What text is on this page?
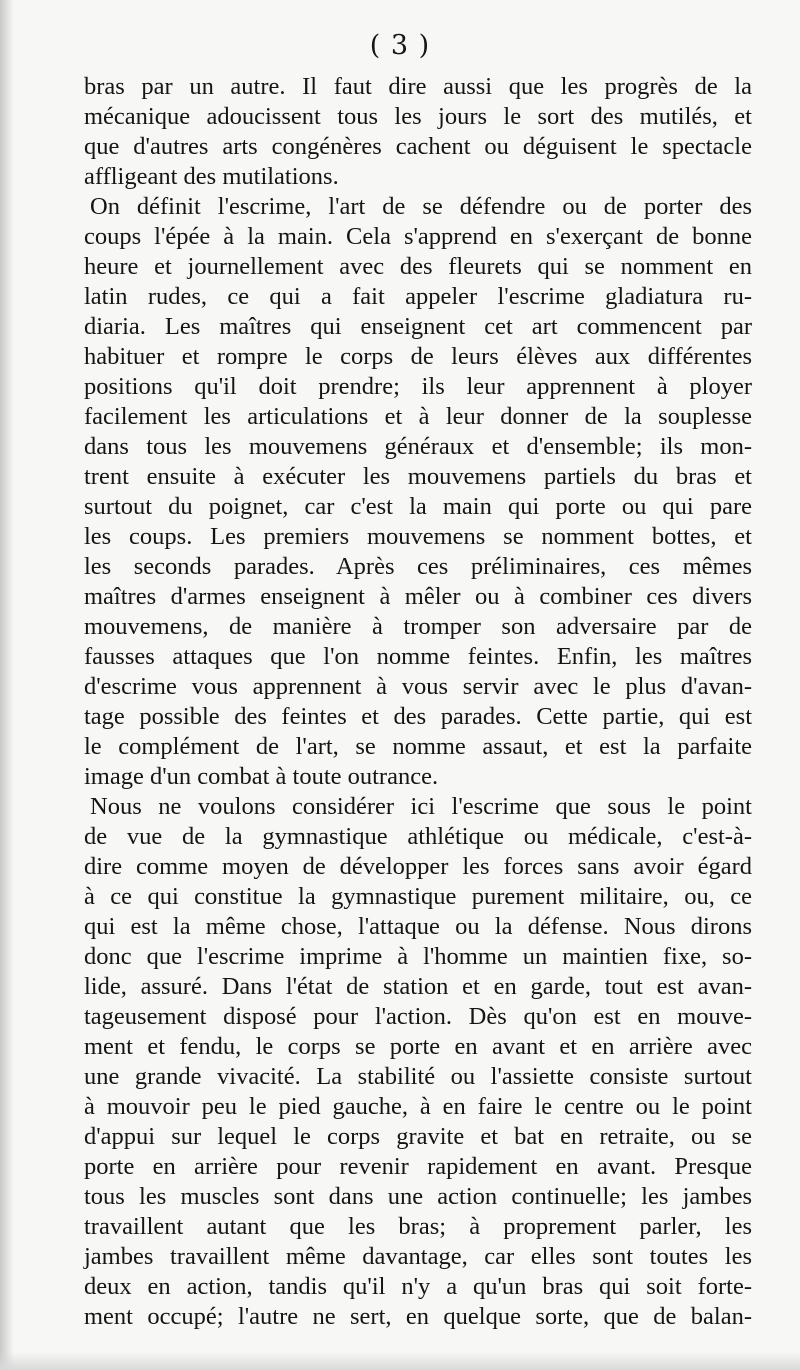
( 3 )
bras par un autre. Il faut dire aussi que les progrès de la
mécanique adoucissent tous les jours le sort des mutilés, et
que d'autres arts congénères cachent ou déguisent le spectacle
affligeant des mutilations.
On définit l'escrime, l'art de se défendre ou de porter des
coups l'épée à la main. Cela s'apprend en s'exerçant de bonne
heure et journellement avec des fleurets qui se nomment en
latin rudes, ce qui a fait appeler l'escrime gladiatura ru-
diaria. Les maîtres qui enseignent cet art commencent par
habituer et rompre le corps de leurs élèves aux différentes
positions qu'il doit prendre; ils leur apprennent à ployer
facilement les articulations et à leur donner de la souplesse
dans tous les mouvemens généraux et d'ensemble; ils mon-
trent ensuite à exécuter les mouvemens partiels du bras et
surtout du poignet, car c'est la main qui porte ou qui pare
les coups. Les premiers mouvemens se nomment bottes, et
les seconds parades. Après ces préliminaires, ces mêmes
maîtres d'armes enseignent à mêler ou à combiner ces divers
mouvemens, de manière à tromper son adversaire par de
fausses attaques que l'on nomme feintes. Enfin, les maîtres
d'escrime vous apprennent à vous servir avec le plus d'avan-
tage possible des feintes et des parades. Cette partie, qui est
le complément de l'art, se nomme assaut, et est la parfaite
image d'un combat à toute outrance.
Nous ne voulons considérer ici l'escrime que sous le point
de vue de la gymnastique athlétique ou médicale, c'est-à-
dire comme moyen de développer les forces sans avoir égard
à ce qui constitue la gymnastique purement militaire, ou, ce
qui est la même chose, l'attaque ou la défense. Nous dirons
donc que l'escrime imprime à l'homme un maintien fixe, so-
lide, assuré. Dans l'état de station et en garde, tout est avan-
tageusement disposé pour l'action. Dès qu'on est en mouve-
ment et fendu, le corps se porte en avant et en arrière avec
une grande vivacité. La stabilité ou l'assiette consiste surtout
à mouvoir peu le pied gauche, à en faire le centre ou le point
d'appui sur lequel le corps gravite et bat en retraite, ou se
porte en arrière pour revenir rapidement en avant. Presque
tous les muscles sont dans une action continuelle; les jambes
travaillent autant que les bras; à proprement parler, les
jambes travaillent même davantage, car elles sont toutes les
deux en action, tandis qu'il n'y a qu'un bras qui soit forte-
ment occupé; l'autre ne sert, en quelque sorte, que de balan-
